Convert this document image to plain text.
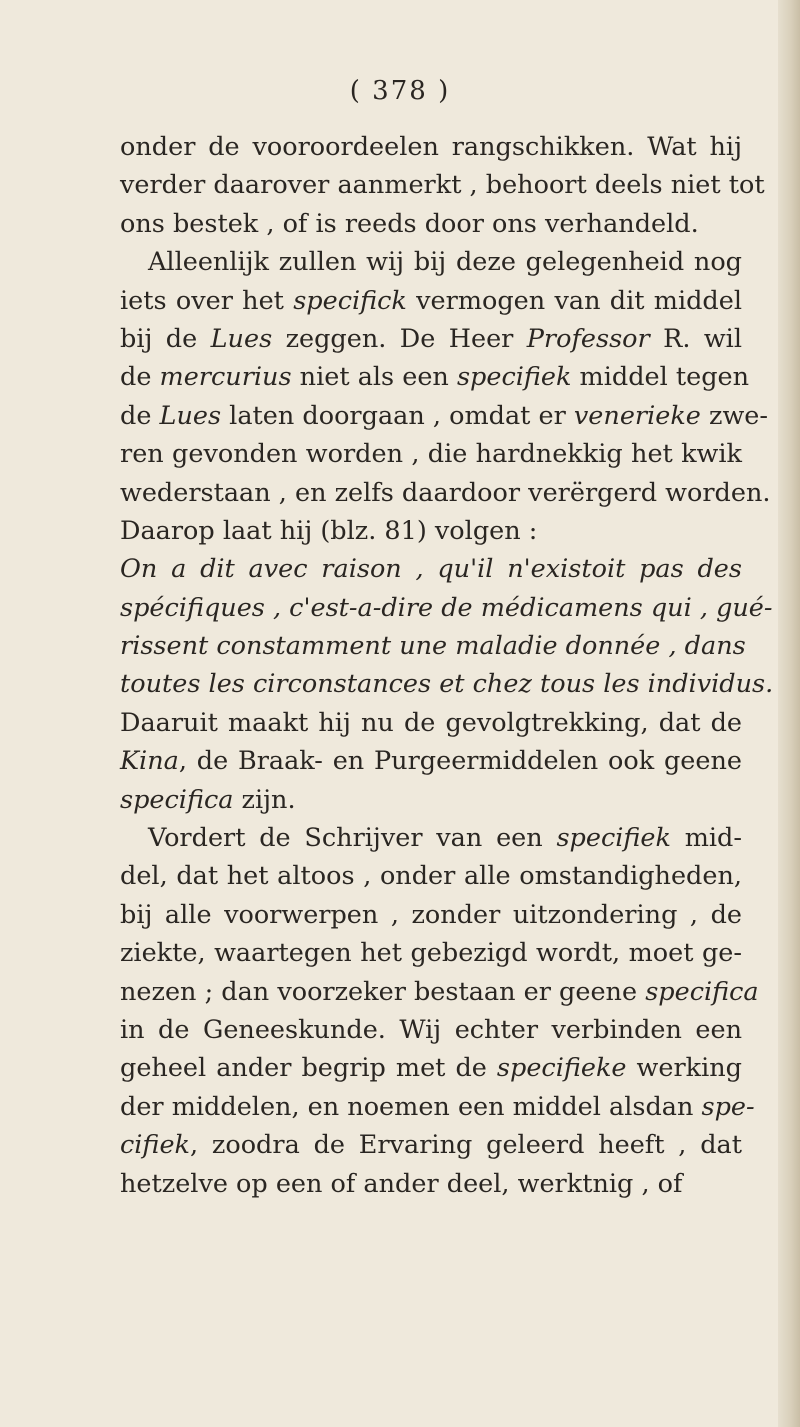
( 378 )
onder de vooroordeelen rangschikken. Wat hij
verder daarover aanmerkt , behoort deels niet tot
ons bestek , of is reeds door ons verhandeld.
Alleenlijk zullen wij bij deze gelegenheid nog
iets over het specifick vermogen van dit middel
bij de Lues zeggen. De Heer Professor R. wil
de mercurius niet als een specifiek middel tegen
de Lues laten doorgaan , omdat er venerieke zwe-
ren gevonden worden , die hardnekkig het kwik
wederstaan , en zelfs daardoor verërgerd worden.
Daarop laat hij (blz. 81) volgen :
On a dit avec raison , qu'il n'existoit pas des
spécifiques , c'est-a-dire de médicamens qui , gué-
rissent constamment une maladie donnée , dans
toutes les circonstances et chez tous les individus.
Daaruit maakt hij nu de gevolgtrekking, dat de
Kina, de Braak- en Purgeermiddelen ook geene
specifica zijn.
Vordert de Schrijver van een specifiek mid-
del, dat het altoos , onder alle omstandigheden,
bij alle voorwerpen , zonder uitzondering , de
ziekte, waartegen het gebezigd wordt, moet ge-
nezen ; dan voorzeker bestaan er geene specifica
in de Geneeskunde. Wij echter verbinden een
geheel ander begrip met de specifieke werking
der middelen, en noemen een middel alsdan spe-
cifiek, zoodra de Ervaring geleerd heeft , dat
hetzelve op een of ander deel, werktnig , of
